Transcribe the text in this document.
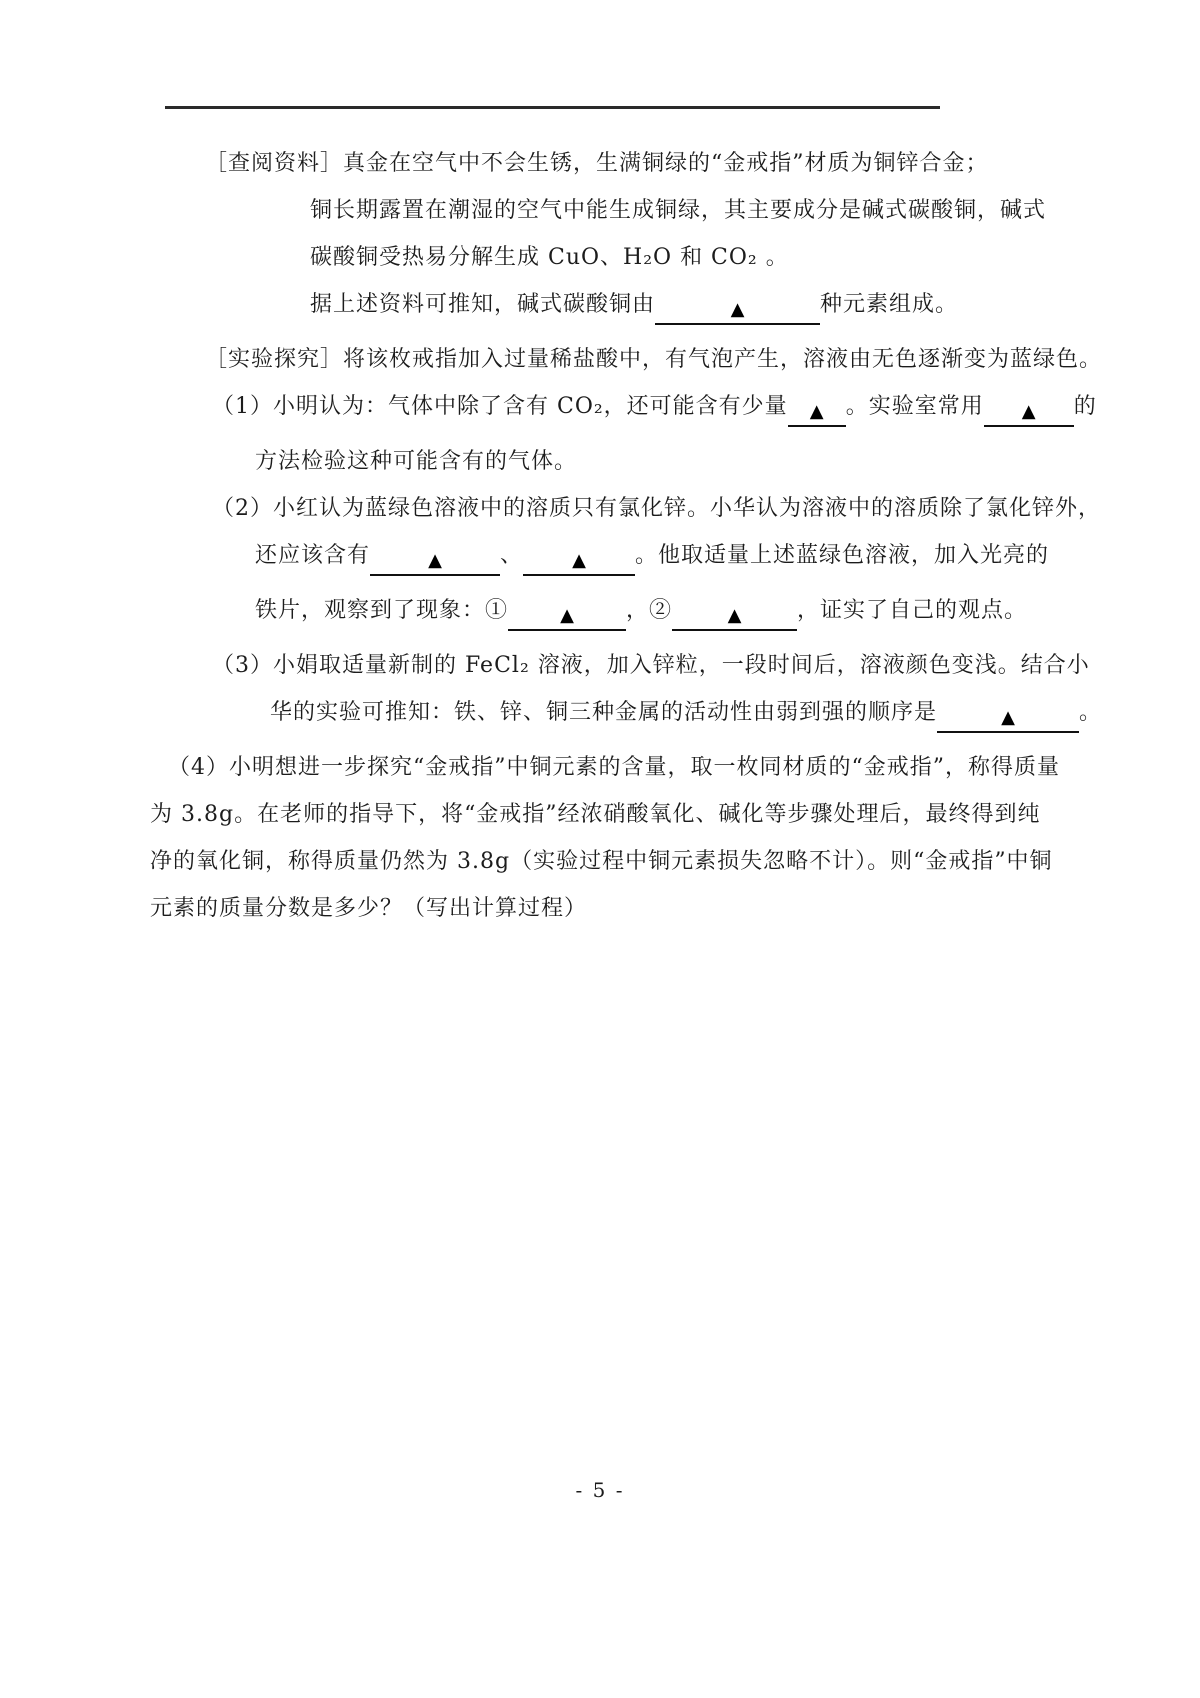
［查阅资料］真金在空气中不会生锈，生满铜绿的“金戒指”材质为铜锌合金；
铜长期露置在潮湿的空气中能生成铜绿，其主要成分是碱式碳酸铜，碱式
碳酸铜受热易分解生成 CuO、H₂O 和 CO₂ 。
据上述资料可推知，碱式碳酸铜由	▲	种元素组成。
［实验探究］将该枚戒指加入过量稀盐酸中，有气泡产生，溶液由无色逐渐变为蓝绿色。
（1）小明认为：气体中除了含有 CO₂，还可能含有少量 ▲ 。实验室常用 ▲ 的
方法检验这种可能含有的气体。
（2）小红认为蓝绿色溶液中的溶质只有氯化锌。小华认为溶液中的溶质除了氯化锌外，
还应该含有	▲	、	▲ 。他取适量上述蓝绿色溶液，加入光亮的
铁片，观察到了现象：①	▲ ，②	▲	，证实了自己的观点。
（3）小娟取适量新制的 FeCl₂ 溶液，加入锌粒，一段时间后，溶液颜色变浅。结合小
华的实验可推知：铁、锌、铜三种金属的活动性由弱到强的顺序是	▲	。
（4）小明想进一步探究“金戒指”中铜元素的含量，取一枚同材质的“金戒指”，称得质量
为 3.8g。在老师的指导下，将“金戒指”经浓硝酸氧化、碱化等步骤处理后，最终得到纯
净的氧化铜，称得质量仍然为 3.8g（实验过程中铜元素损失忽略不计）。则“金戒指”中铜
元素的质量分数是多少？（写出计算过程）
- 5 -
